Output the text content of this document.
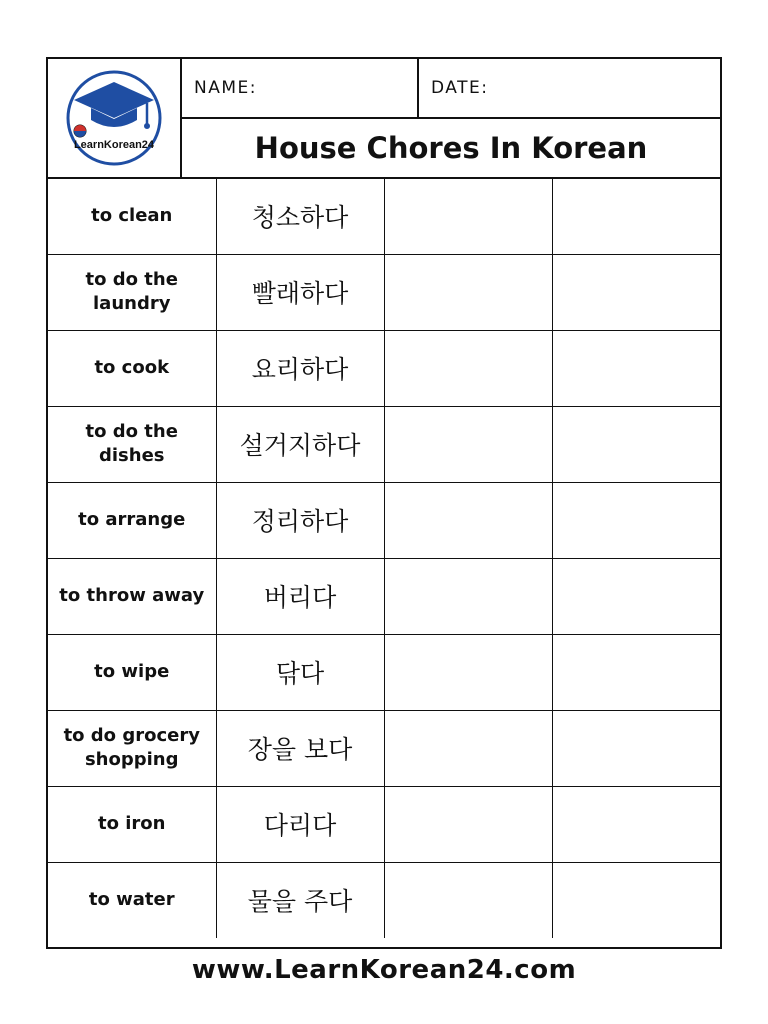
LearnKorean24
NAME:	DATE:
House Chores In Korean
to clean	청소하다		
to do the laundry	빨래하다		
to cook	요리하다		
to do the dishes	설거지하다		
to arrange	정리하다		
to throw away	버리다		
to wipe	닦다		
to do grocery shopping	장을 보다		
to iron	다리다		
to water	물을 주다		
www.LearnKorean24.com
